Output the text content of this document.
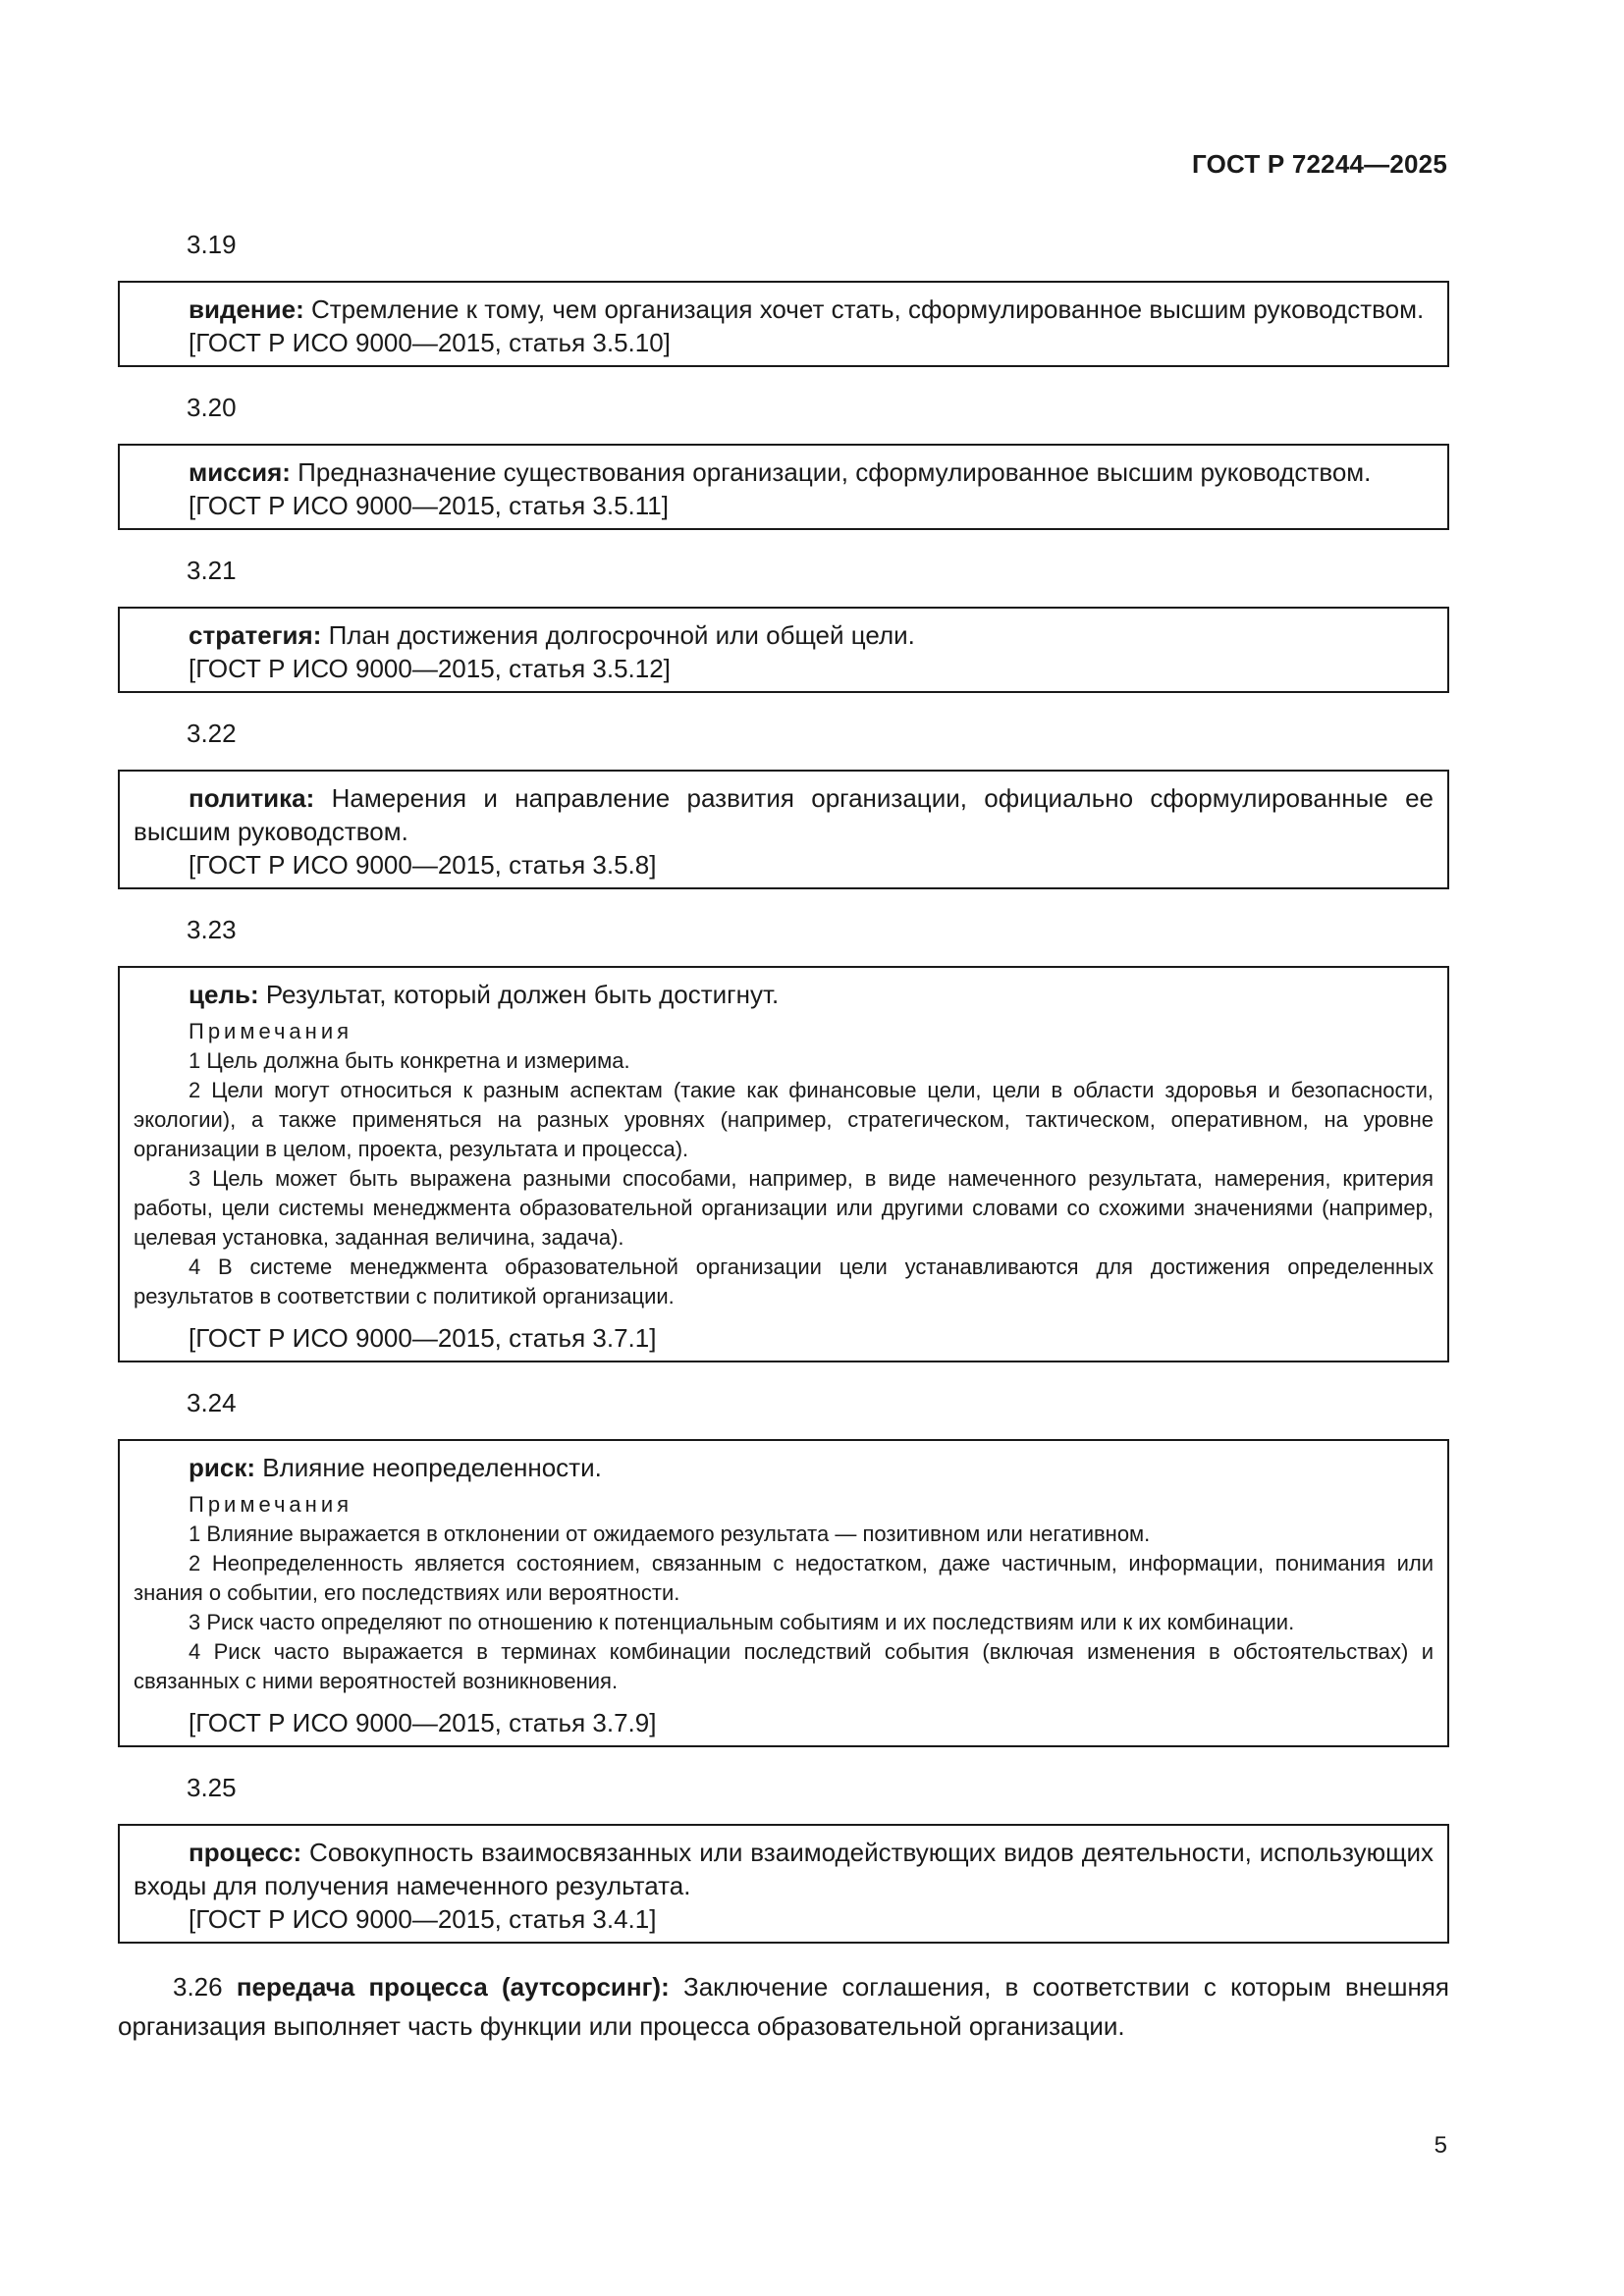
ГОСТ Р 72244—2025
3.19
видение: Стремление к тому, чем организация хочет стать, сформулированное высшим руководством.
[ГОСТ Р ИСО 9000—2015, статья 3.5.10]
3.20
миссия: Предназначение существования организации, сформулированное высшим руководством.
[ГОСТ Р ИСО 9000—2015, статья 3.5.11]
3.21
стратегия: План достижения долгосрочной или общей цели.
[ГОСТ Р ИСО 9000—2015, статья 3.5.12]
3.22
политика: Намерения и направление развития организации, официально сформулированные ее высшим руководством.
[ГОСТ Р ИСО 9000—2015, статья 3.5.8]
3.23
цель: Результат, который должен быть достигнут.
Примечания
1 Цель должна быть конкретна и измерима.
2 Цели могут относиться к разным аспектам (такие как финансовые цели, цели в области здоровья и безопасности, экологии), а также применяться на разных уровнях (например, стратегическом, тактическом, оперативном, на уровне организации в целом, проекта, результата и процесса).
3 Цель может быть выражена разными способами, например, в виде намеченного результата, намерения, критерия работы, цели системы менеджмента образовательной организации или другими словами со схожими значениями (например, целевая установка, заданная величина, задача).
4 В системе менеджмента образовательной организации цели устанавливаются для достижения определенных результатов в соответствии с политикой организации.
[ГОСТ Р ИСО 9000—2015, статья 3.7.1]
3.24
риск: Влияние неопределенности.
Примечания
1 Влияние выражается в отклонении от ожидаемого результата — позитивном или негативном.
2 Неопределенность является состоянием, связанным с недостатком, даже частичным, информации, понимания или знания о событии, его последствиях или вероятности.
3 Риск часто определяют по отношению к потенциальным событиям и их последствиям или к их комбинации.
4 Риск часто выражается в терминах комбинации последствий события (включая изменения в обстоятельствах) и связанных с ними вероятностей возникновения.
[ГОСТ Р ИСО 9000—2015, статья 3.7.9]
3.25
процесс: Совокупность взаимосвязанных или взаимодействующих видов деятельности, использующих входы для получения намеченного результата.
[ГОСТ Р ИСО 9000—2015, статья 3.4.1]
3.26 передача процесса (аутсорсинг): Заключение соглашения, в соответствии с которым внешняя организация выполняет часть функции или процесса образовательной организации.
5
